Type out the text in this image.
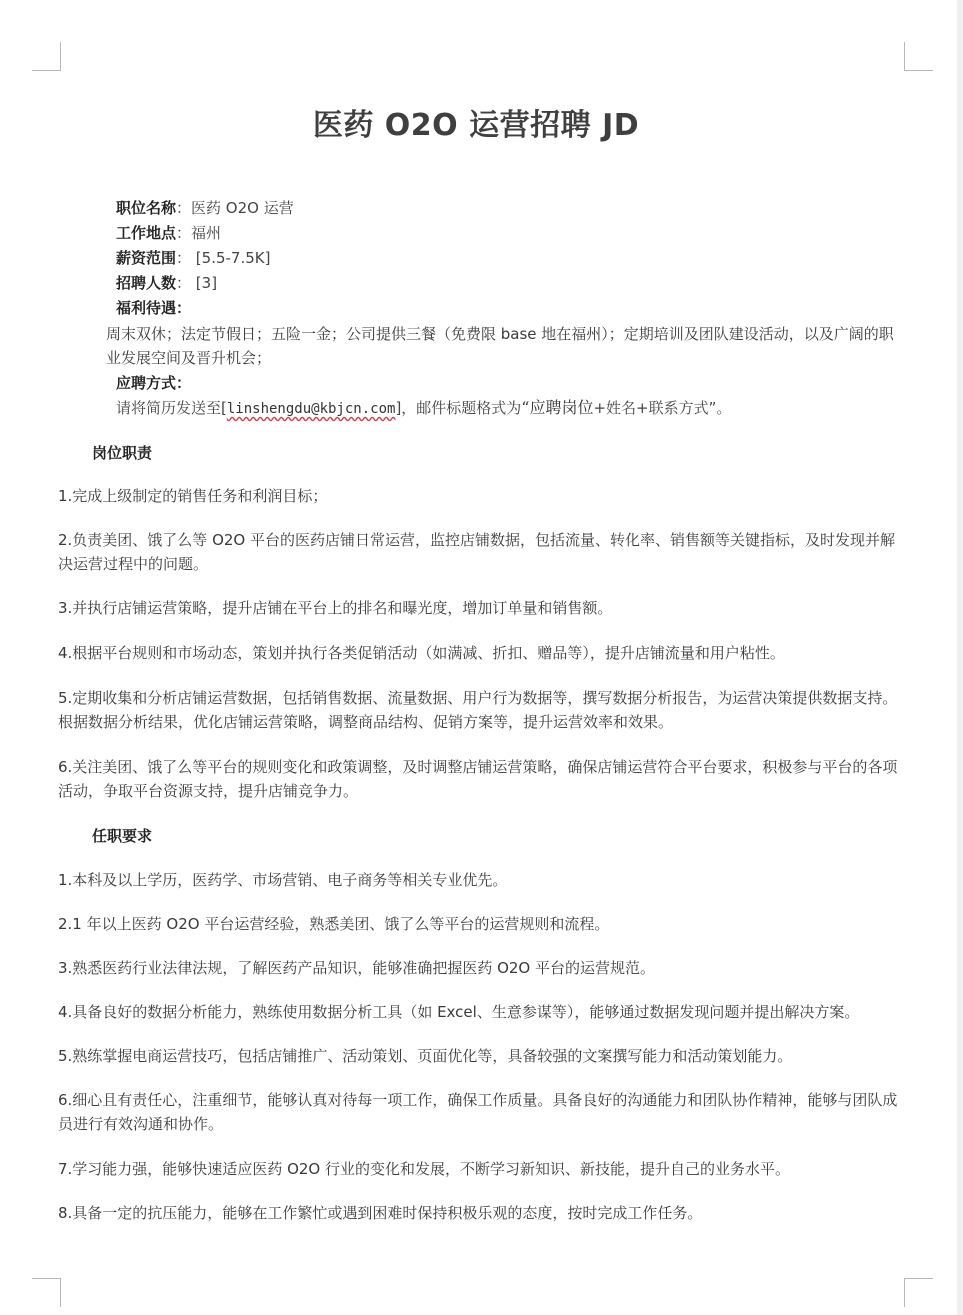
医药 O2O 运营招聘 JD
职位名称：医药 O2O 运营
工作地点：福州
薪资范围： [5.5-7.5K]
招聘人数： [3]
福利待遇：

周末双休；法定节假日；五险一金；公司提供三餐（免费限 base 地在福州）；定期培训及团队建设活动，以及广阔的职业发展空间及晋升机会；

应聘方式：
请将简历发送至[linshengdu@kbjcn.com]，邮件标题格式为“应聘岗位+姓名+联系方式”。
岗位职责

1.完成上级制定的销售任务和利润目标；

2.负责美团、饿了么等 O2O 平台的医药店铺日常运营，监控店铺数据，包括流量、转化率、销售额等关键指标，及时发现并解决运营过程中的问题。

3.并执行店铺运营策略，提升店铺在平台上的排名和曝光度，增加订单量和销售额。

4.根据平台规则和市场动态，策划并执行各类促销活动（如满减、折扣、赠品等），提升店铺流量和用户粘性。

5.定期收集和分析店铺运营数据，包括销售数据、流量数据、用户行为数据等，撰写数据分析报告，为运营决策提供数据支持。根据数据分析结果，优化店铺运营策略，调整商品结构、促销方案等，提升运营效率和效果。

6.关注美团、饿了么等平台的规则变化和政策调整，及时调整店铺运营策略，确保店铺运营符合平台要求，积极参与平台的各项活动，争取平台资源支持，提升店铺竞争力。

任职要求

1.本科及以上学历，医药学、市场营销、电子商务等相关专业优先。

2.1 年以上医药 O2O 平台运营经验，熟悉美团、饿了么等平台的运营规则和流程。

3.熟悉医药行业法律法规，了解医药产品知识，能够准确把握医药 O2O 平台的运营规范。

4.具备良好的数据分析能力，熟练使用数据分析工具（如 Excel、生意参谋等），能够通过数据发现问题并提出解决方案。

5.熟练掌握电商运营技巧，包括店铺推广、活动策划、页面优化等，具备较强的文案撰写能力和活动策划能力。

6.细心且有责任心，注重细节，能够认真对待每一项工作，确保工作质量。具备良好的沟通能力和团队协作精神，能够与团队成员进行有效沟通和协作。

7.学习能力强，能够快速适应医药 O2O 行业的变化和发展，不断学习新知识、新技能，提升自己的业务水平。

8.具备一定的抗压能力，能够在工作繁忙或遇到困难时保持积极乐观的态度，按时完成工作任务。
